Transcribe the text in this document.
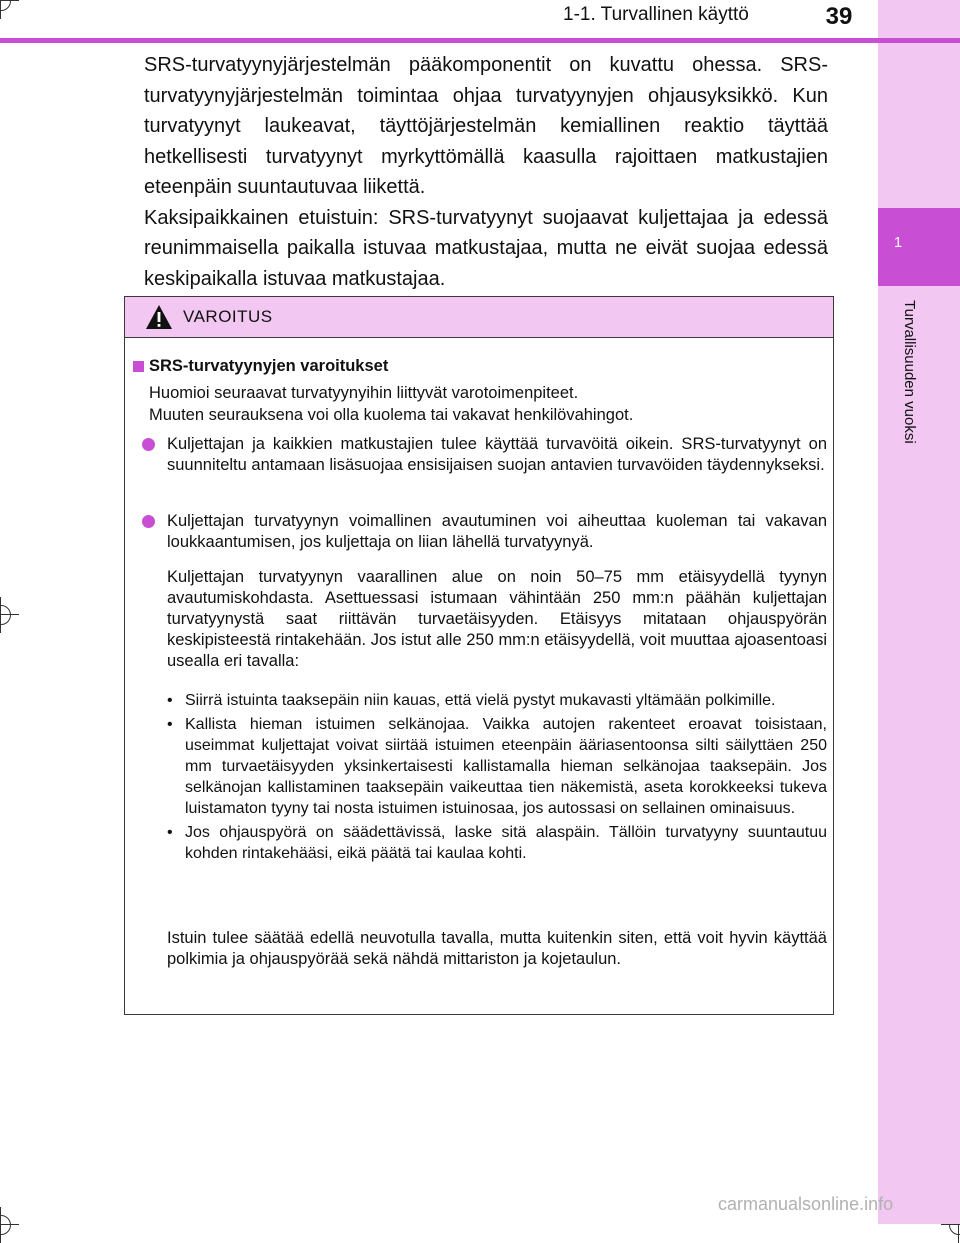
1
Turvallisuuden vuoksi
1-1. Turvallinen käyttö	39

SRS-turvatyynyjärjestelmän pääkomponentit on kuvattu ohessa. SRS-turvatyynyjärjestelmän toimintaa ohjaa turvatyynyjen ohjausyksikkö. Kun turvatyynyt laukeavat, täyttöjärjestelmän kemiallinen reaktio täyttää hetkellisesti turvatyynyt myrkyttömällä kaasulla rajoittaen matkustajien eteenpäin suuntautuvaa liikettä.

Kaksipaikkainen etuistuin: SRS-turvatyynyt suojaavat kuljettajaa ja edessä reunimmaisella paikalla istuvaa matkustajaa, mutta ne eivät suojaa edessä keskipaikalla istuvaa matkustajaa.

VAROITUS
SRS-turvatyynyjen varoitukset
Huomioi seuraavat turvatyynyihin liittyvät varotoimenpiteet.
Muuten seurauksena voi olla kuolema tai vakavat henkilövahingot.
Kuljettajan ja kaikkien matkustajien tulee käyttää turvavöitä oikein. SRS-turvatyynyt on suunniteltu antamaan lisäsuojaa ensisijaisen suojan antavien turvavöiden täydennykseksi.
Kuljettajan turvatyynyn voimallinen avautuminen voi aiheuttaa kuoleman tai vakavan loukkaantumisen, jos kuljettaja on liian lähellä turvatyynyä.
Kuljettajan turvatyynyn vaarallinen alue on noin 50–75 mm etäisyydellä tyynyn avautumiskohdasta. Asettuessasi istumaan vähintään 250 mm:n päähän kuljettajan turvatyynystä saat riittävän turvaetäisyyden. Etäisyys mitataan ohjauspyörän keskipisteestä rintakehään. Jos istut alle 250 mm:n etäisyydellä, voit muuttaa ajoasentoasi usealla eri tavalla:
• Siirrä istuinta taaksepäin niin kauas, että vielä pystyt mukavasti yltämään polkimille.
• Kallista hieman istuimen selkänojaa. Vaikka autojen rakenteet eroavat toisistaan, useimmat kuljettajat voivat siirtää istuimen eteenpäin ääriasentoonsa silti säilyttäen 250 mm turvaetäisyyden yksinkertaisesti kallistamalla hieman selkänojaa taaksepäin. Jos selkänojan kallistaminen taaksepäin vaikeuttaa tien näkemistä, aseta korokkeeksi tukeva luistamaton tyyny tai nosta istuimen istuinosaa, jos autossasi on sellainen ominaisuus.
• Jos ohjauspyörä on säädettävissä, laske sitä alaspäin. Tällöin turvatyyny suuntautuu kohden rintakehääsi, eikä päätä tai kaulaa kohti.
Istuin tulee säätää edellä neuvotulla tavalla, mutta kuitenkin siten, että voit hyvin käyttää polkimia ja ohjauspyörää sekä nähdä mittariston ja kojetaulun.
carmanualsonline.info
